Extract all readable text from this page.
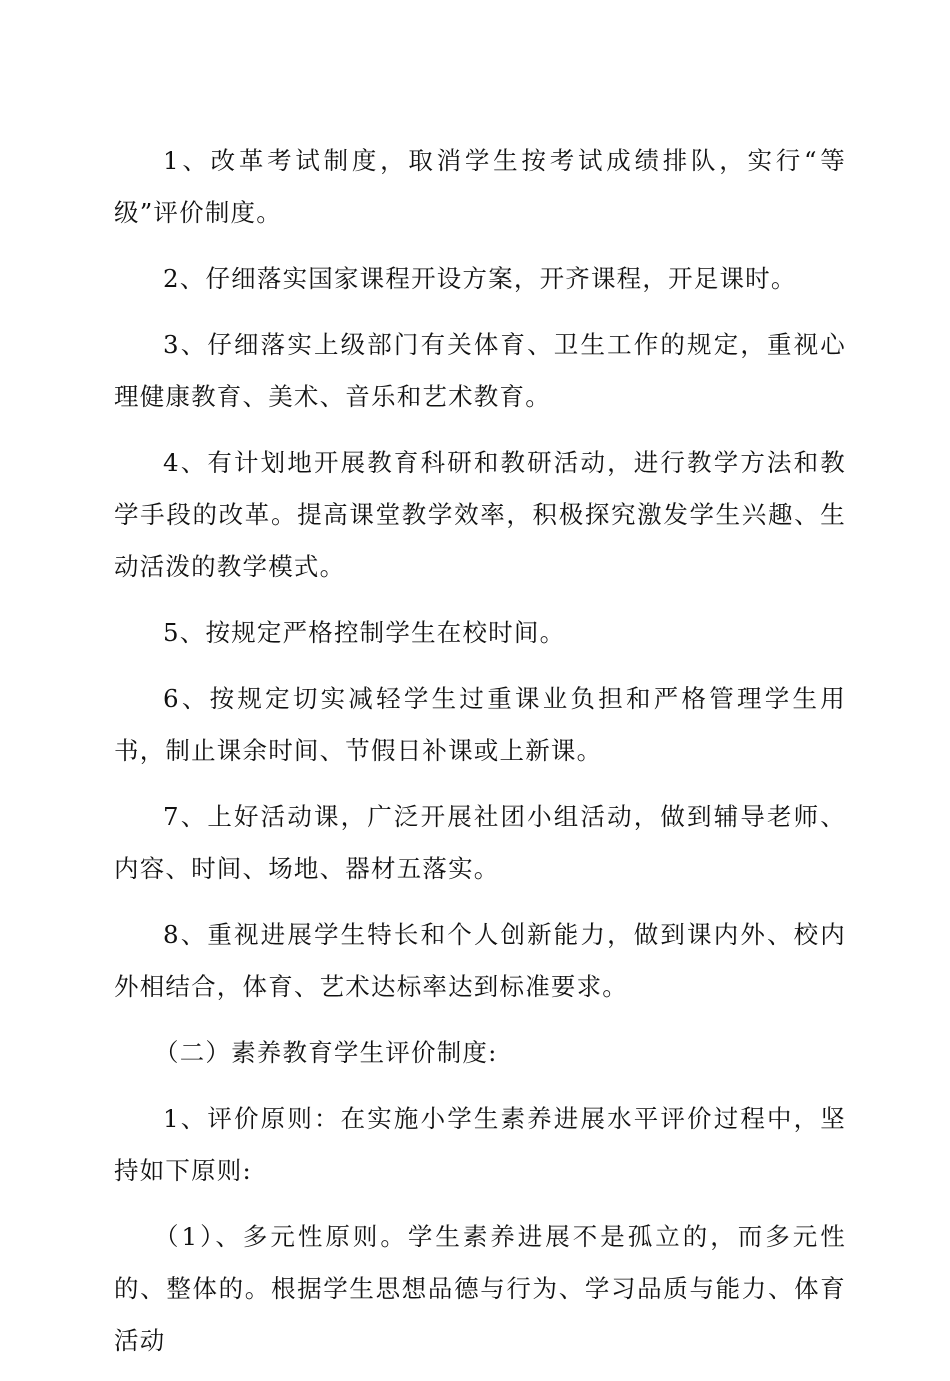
1、改革考试制度，取消学生按考试成绩排队，实行“等级”评价制度。

2、仔细落实国家课程开设方案，开齐课程，开足课时。

3、仔细落实上级部门有关体育、卫生工作的规定，重视心理健康教育、美术、音乐和艺术教育。

4、有计划地开展教育科研和教研活动，进行教学方法和教学手段的改革。提高课堂教学效率，积极探究激发学生兴趣、生动活泼的教学模式。

5、按规定严格控制学生在校时间。

6、按规定切实减轻学生过重课业负担和严格管理学生用书，制止课余时间、节假日补课或上新课。

7、上好活动课，广泛开展社团小组活动，做到辅导老师、内容、时间、场地、器材五落实。

8、重视进展学生特长和个人创新能力，做到课内外、校内外相结合，体育、艺术达标率达到标准要求。

（二）素养教育学生评价制度:

1、评价原则：在实施小学生素养进展水平评价过程中，坚持如下原则:

（1）、多元性原则。学生素养进展不是孤立的，而多元性的、整体的。根据学生思想品德与行为、学习品质与能力、体育活动
